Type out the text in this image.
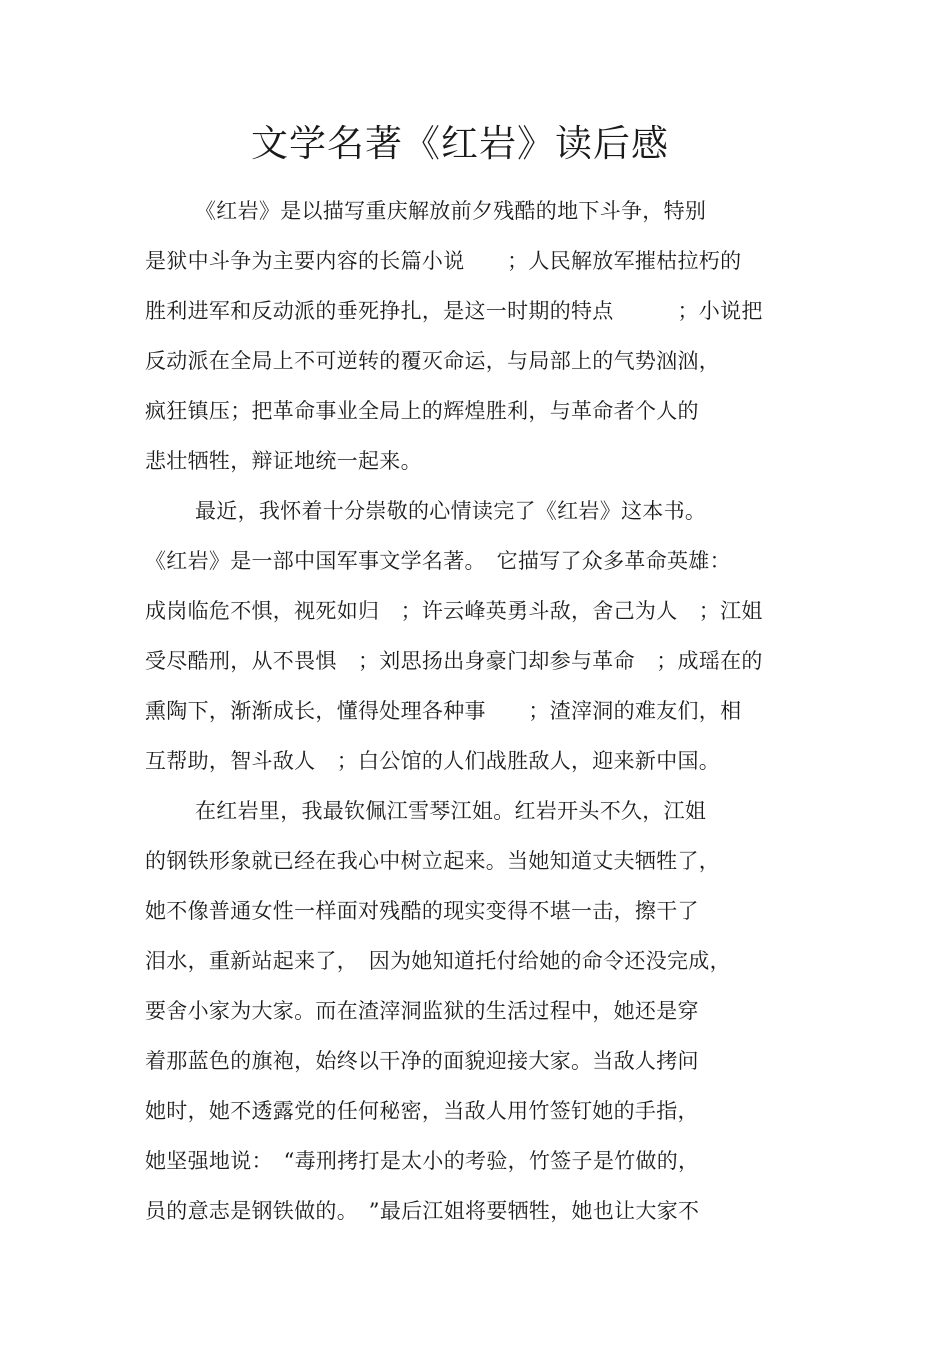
文学名著《红岩》读后感
《红岩》是以描写重庆解放前夕残酷的地下斗争，特别
是狱中斗争为主要内容的长篇小说　　；人民解放军摧枯拉朽的
胜利进军和反动派的垂死挣扎，是这一时期的特点　　　；小说把
反动派在全局上不可逆转的覆灭命运，与局部上的气势汹汹，
疯狂镇压；把革命事业全局上的辉煌胜利，与革命者个人的
悲壮牺牲，辩证地统一起来。
最近，我怀着十分崇敬的心情读完了《红岩》这本书。
《红岩》是一部中国军事文学名著。　它描写了众多革命英雄：
成岗临危不惧，视死如归　；许云峰英勇斗敌，舍己为人　；江姐
受尽酷刑，从不畏惧　；刘思扬出身豪门却参与革命　；成瑶在的
熏陶下，渐渐成长，懂得处理各种事　　；渣滓洞的难友们，相
互帮助，智斗敌人　；白公馆的人们战胜敌人，迎来新中国。
在红岩里，我最钦佩江雪琴江姐。红岩开头不久，江姐
的钢铁形象就已经在我心中树立起来。当她知道丈夫牺牲了，
她不像普通女性一样面对残酷的现实变得不堪一击，擦干了
泪水，重新站起来了，　因为她知道托付给她的命令还没完成，
要舍小家为大家。而在渣滓洞监狱的生活过程中，她还是穿
着那蓝色的旗袍，始终以干净的面貌迎接大家。当敌人拷问
她时，她不透露党的任何秘密，当敌人用竹签钉她的手指，
她坚强地说：　“毒刑拷打是太小的考验，竹签子是竹做的，
员的意志是钢铁做的。　”最后江姐将要牺牲，她也让大家不
